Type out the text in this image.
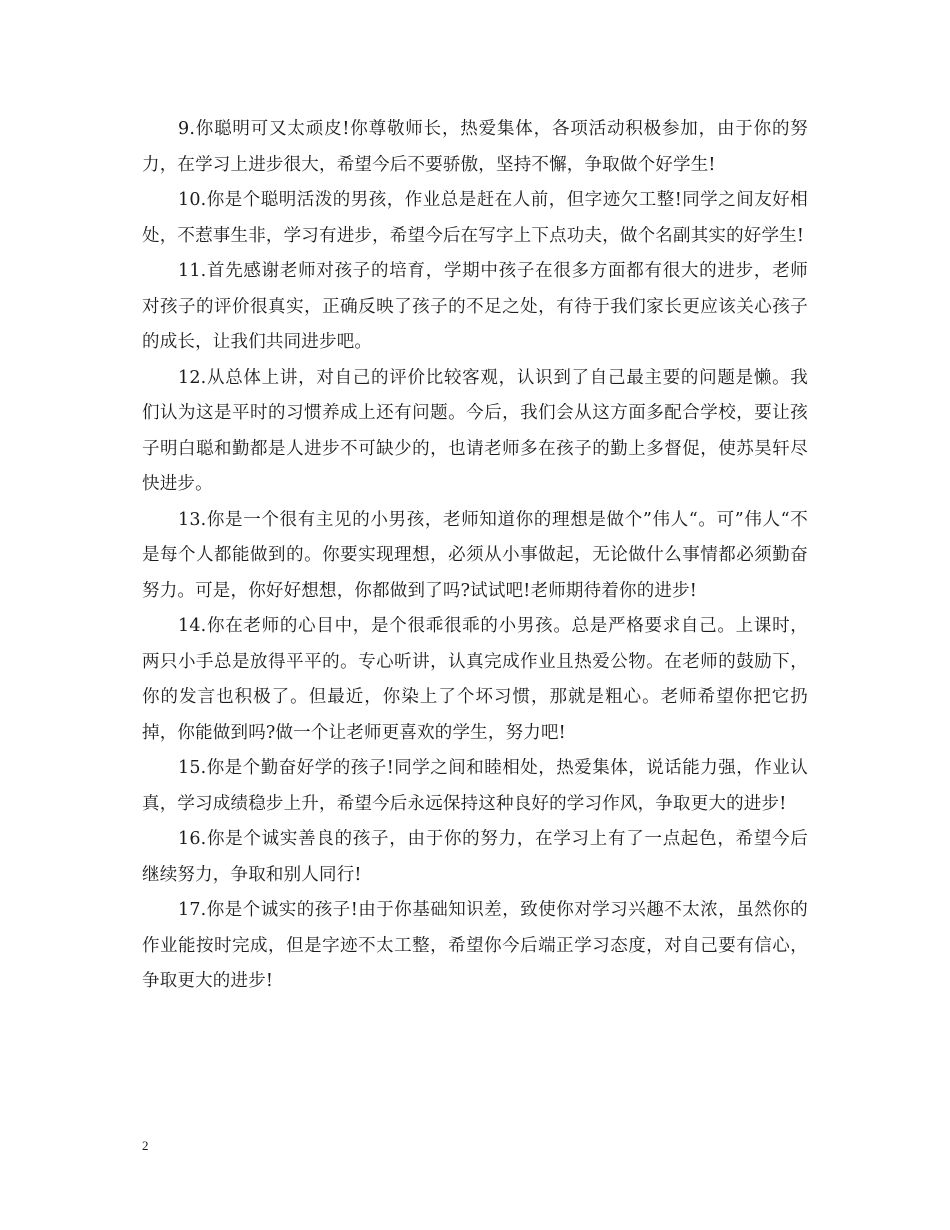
9.你聪明可又太顽皮!你尊敬师长，热爱集体，各项活动积极参加，由于你的努力，在学习上进步很大，希望今后不要骄傲，坚持不懈，争取做个好学生!

10.你是个聪明活泼的男孩，作业总是赶在人前，但字迹欠工整!同学之间友好相处，不惹事生非，学习有进步，希望今后在写字上下点功夫，做个名副其实的好学生!

11.首先感谢老师对孩子的培育，学期中孩子在很多方面都有很大的进步，老师对孩子的评价很真实，正确反映了孩子的不足之处，有待于我们家长更应该关心孩子的成长，让我们共同进步吧。

12.从总体上讲，对自己的评价比较客观，认识到了自己最主要的问题是懒。我们认为这是平时的习惯养成上还有问题。今后，我们会从这方面多配合学校，要让孩子明白聪和勤都是人进步不可缺少的，也请老师多在孩子的勤上多督促，使苏昊轩尽快进步。

13.你是一个很有主见的小男孩，老师知道你的理想是做个”伟人“。可”伟人“不是每个人都能做到的。你要实现理想，必须从小事做起，无论做什么事情都必须勤奋努力。可是，你好好想想，你都做到了吗?试试吧!老师期待着你的进步!

14.你在老师的心目中，是个很乖很乖的小男孩。总是严格要求自己。上课时，两只小手总是放得平平的。专心听讲，认真完成作业且热爱公物。在老师的鼓励下，你的发言也积极了。但最近，你染上了个坏习惯，那就是粗心。老师希望你把它扔掉，你能做到吗?做一个让老师更喜欢的学生，努力吧!

15.你是个勤奋好学的孩子!同学之间和睦相处，热爱集体，说话能力强，作业认真，学习成绩稳步上升，希望今后永远保持这种良好的学习作风，争取更大的进步!

16.你是个诚实善良的孩子，由于你的努力，在学习上有了一点起色，希望今后继续努力，争取和别人同行!

17.你是个诚实的孩子!由于你基础知识差，致使你对学习兴趣不太浓，虽然你的作业能按时完成，但是字迹不太工整，希望你今后端正学习态度，对自己要有信心，争取更大的进步!

2
